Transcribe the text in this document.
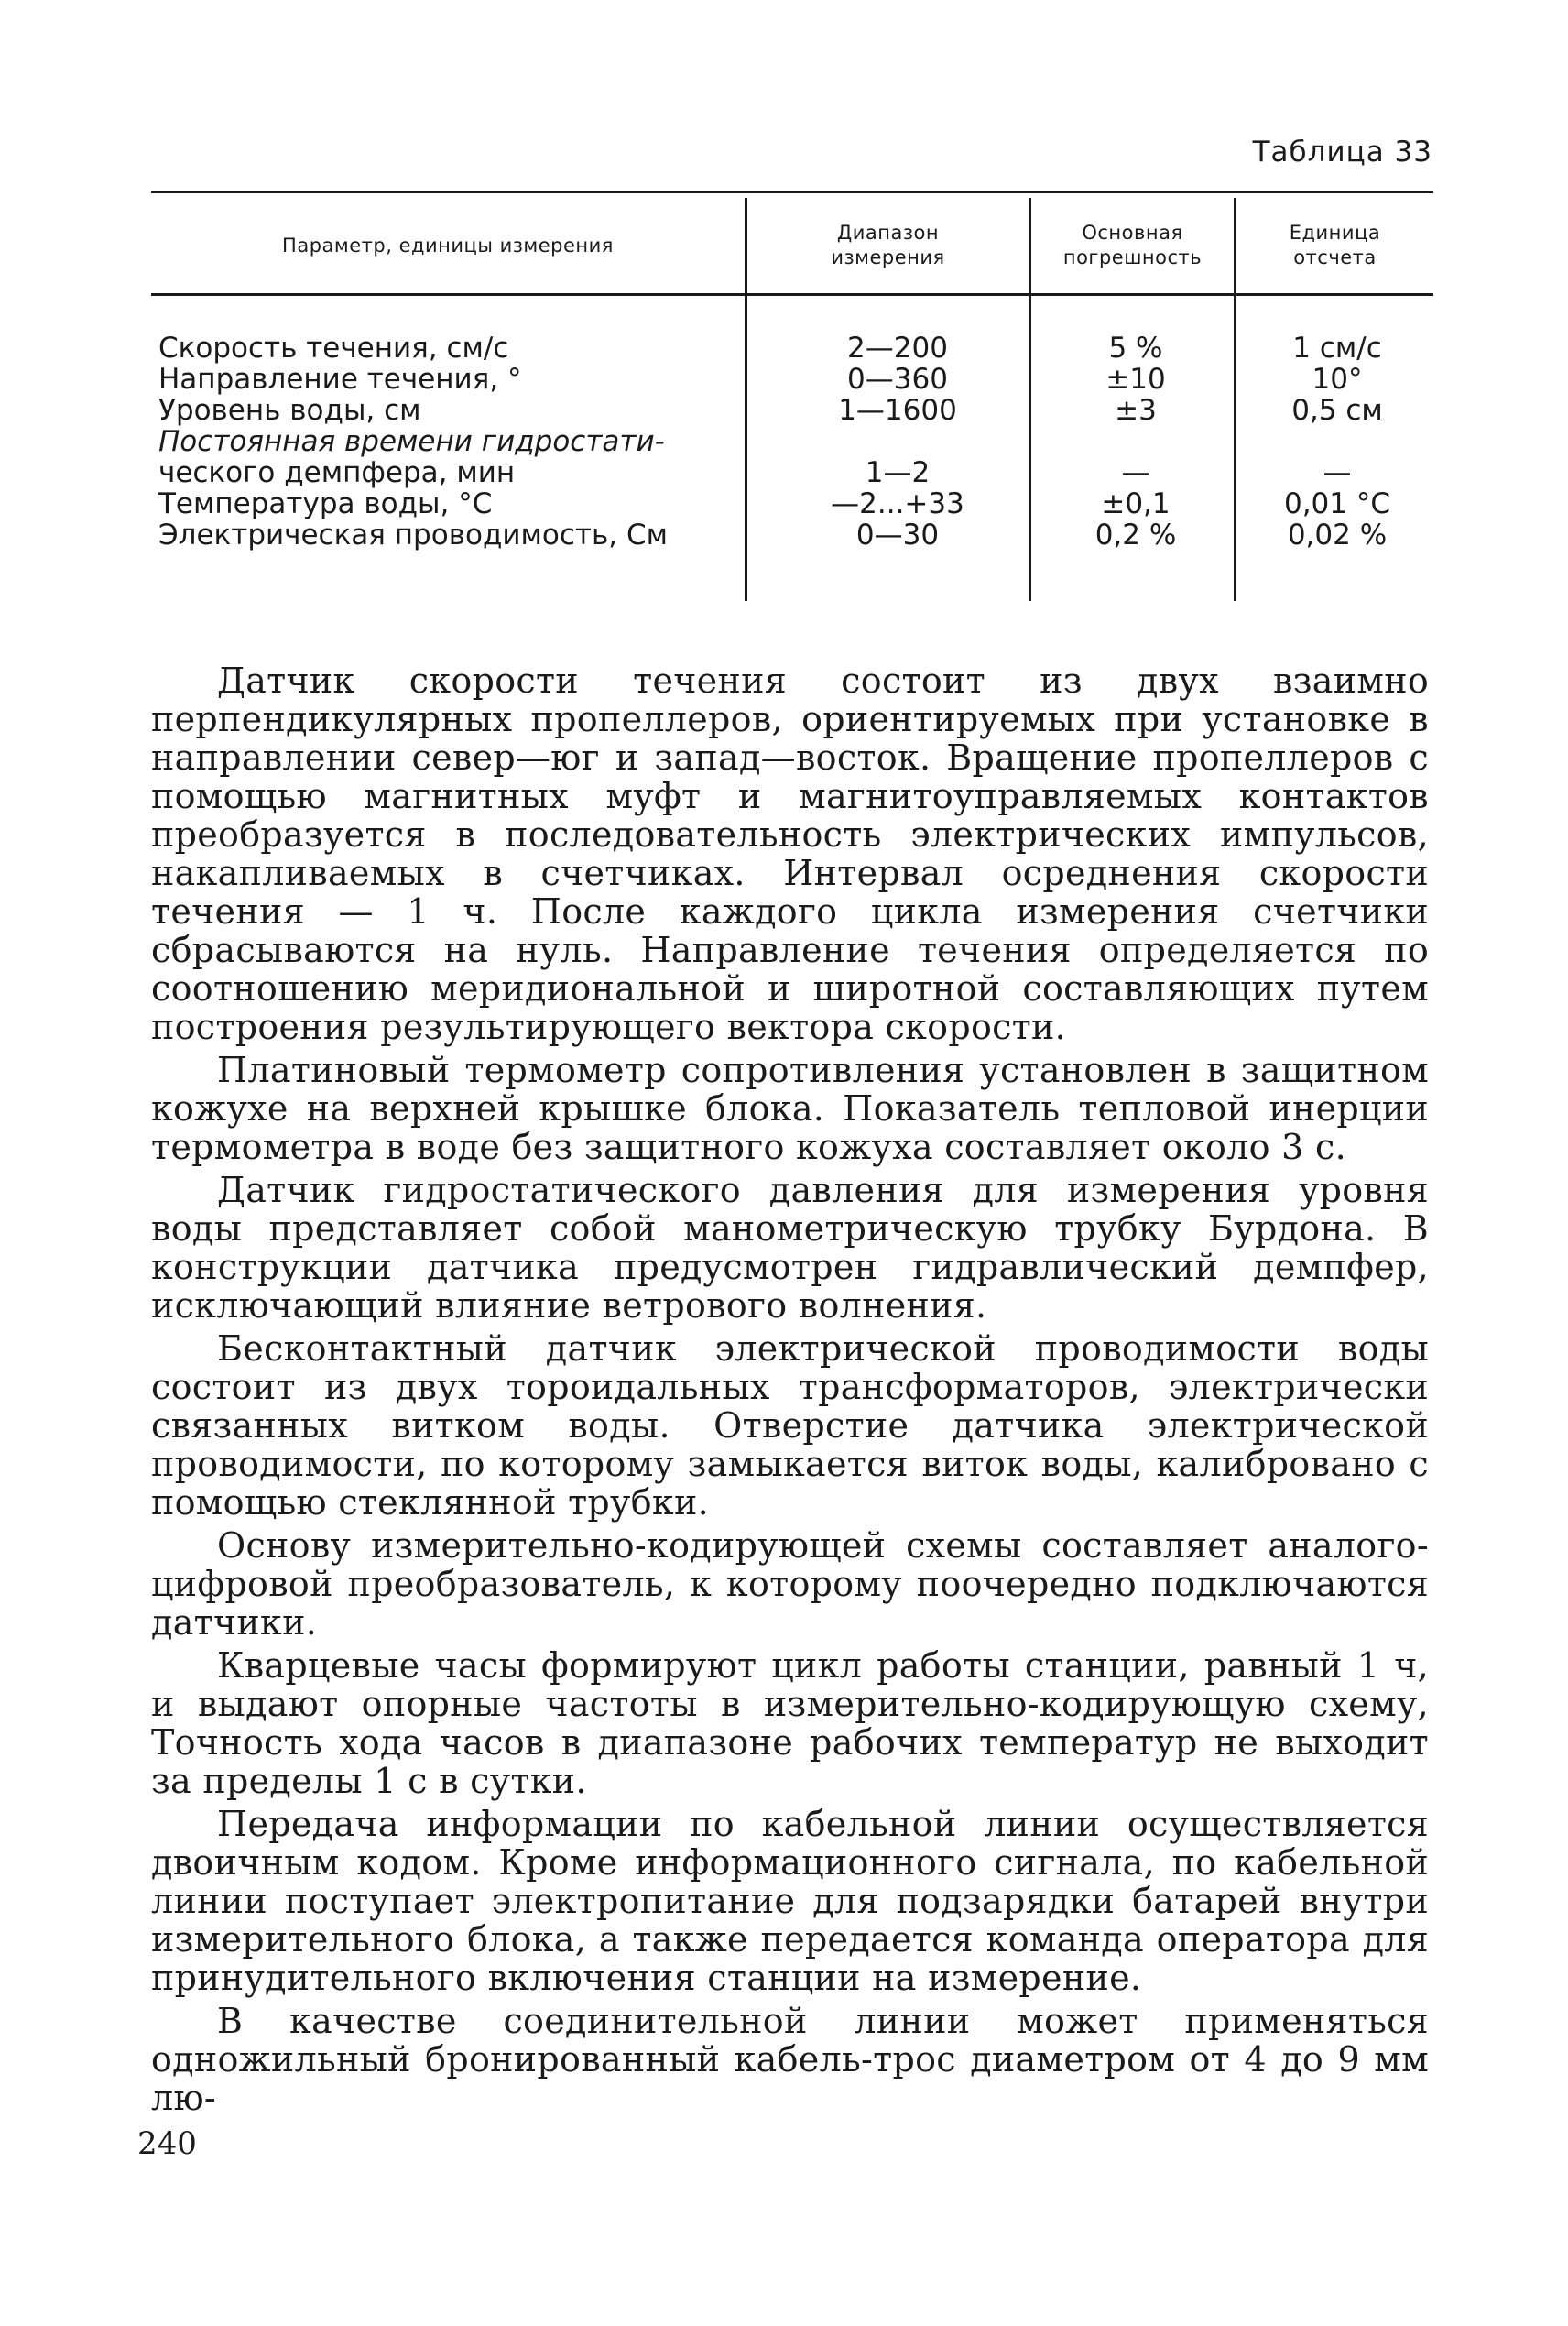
Таблица 33
Параметр, единицы измерения
Диапазон
измерения
Основная
погрешность
Единица
отсчета
Скорость течения, см/с
Направление течения, °
Уровень воды, см
Постоянная времени гидростати-
ческого демпфера, мин
Температура воды, °С
Электрическая проводимость, См
2—200
0—360
1—1600
1—2
—2...+33
0—30
5 %
±10
±3
—
±0,1
0,2 %
1 см/с
10°
0,5 см
—
0,01 °С
0,02 %

Датчик скорости течения состоит из двух взаимно перпендикулярных пропеллеров, ориентируемых при установке в направлении север—юг и запад—восток. Вращение пропеллеров с помощью магнитных муфт и магнитоуправляемых контактов преобразуется в последовательность электрических импульсов, накапливаемых в счетчиках. Интервал осреднения скорости течения — 1 ч. После каждого цикла измерения счетчики сбрасываются на нуль. Направление течения определяется по соотношению меридиональной и широтной составляющих путем построения результирующего вектора скорости.

Платиновый термометр сопротивления установлен в защитном кожухе на верхней крышке блока. Показатель тепловой инерции термометра в воде без защитного кожуха составляет около 3 с.

Датчик гидростатического давления для измерения уровня воды представляет собой манометрическую трубку Бурдона. В конструкции датчика предусмотрен гидравлический демпфер, исключающий влияние ветрового волнения.

Бесконтактный датчик электрической проводимости воды состоит из двух тороидальных трансформаторов, электрически связанных витком воды. Отверстие датчика электрической проводимости, по которому замыкается виток воды, калибровано с помощью стеклянной трубки.

Основу измерительно-кодирующей схемы составляет аналого-цифровой преобразователь, к которому поочередно подключаются датчики.

Кварцевые часы формируют цикл работы станции, равный 1 ч, и выдают опорные частоты в измерительно-кодирующую схему, Точность хода часов в диапазоне рабочих температур не выходит за пределы 1 с в сутки.

Передача информации по кабельной линии осуществляется двоичным кодом. Кроме информационного сигнала, по кабельной линии поступает электропитание для подзарядки батарей внутри измерительного блока, а также передается команда оператора для принудительного включения станции на измерение.

В качестве соединительной линии может применяться одножильный бронированный кабель-трос диаметром от 4 до 9 мм лю-

240
